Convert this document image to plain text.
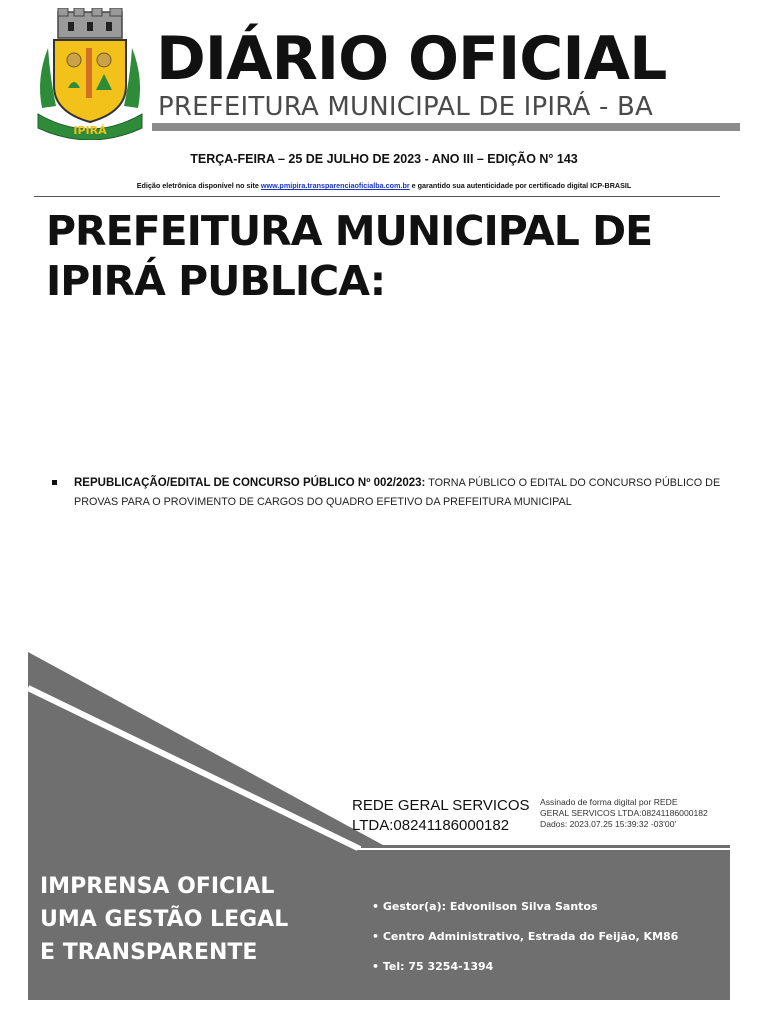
IPIRÁ
DIÁRIO OFICIAL
PREFEITURA MUNICIPAL DE IPIRÁ - BA
TERÇA-FEIRA – 25 DE JULHO DE 2023 - ANO III – EDIÇÃO N° 143
Edição eletrônica disponível no site www.pmipira.transparenciaoficialba.com.br e garantido sua autenticidade por certificado digital ICP-BRASIL
PREFEITURA MUNICIPAL DE
IPIRÁ PUBLICA:
REPUBLICAÇÃO/EDITAL DE CONCURSO PÚBLICO Nº 002/2023: TORNA PÚBLICO O EDITAL DO CONCURSO PÚBLICO DE PROVAS PARA O PROVIMENTO DE CARGOS DO QUADRO EFETIVO DA PREFEITURA MUNICIPAL
REDE GERAL SERVICOS
LTDA:08241186000182
Assinado de forma digital por REDE
GERAL SERVICOS LTDA:08241186000182
Dados: 2023.07.25 15:39:32 -03'00'
IMPRENSA OFICIAL
UMA GESTÃO LEGAL
E TRANSPARENTE
• Gestor(a): Edvonilson Silva Santos
• Centro Administrativo, Estrada do Feijão, KM86
• Tel: 75 3254-1394
